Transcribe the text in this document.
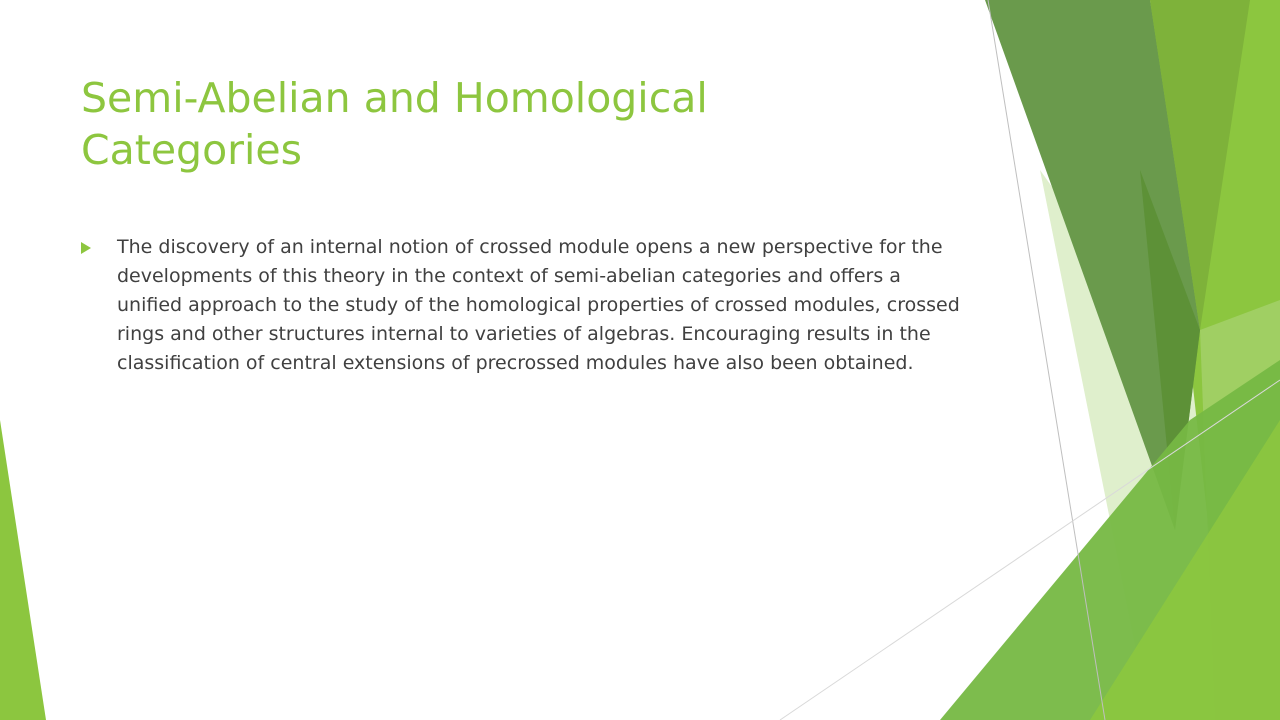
Semi-Abelian and Homological Categories
The discovery of an internal notion of crossed module opens a new perspective for the developments of this theory in the context of semi-abelian categories and offers a unified approach to the study of the homological properties of crossed modules, crossed rings and other structures internal to varieties of algebras. Encouraging results in the classification of central extensions of precrossed modules have also been obtained.
